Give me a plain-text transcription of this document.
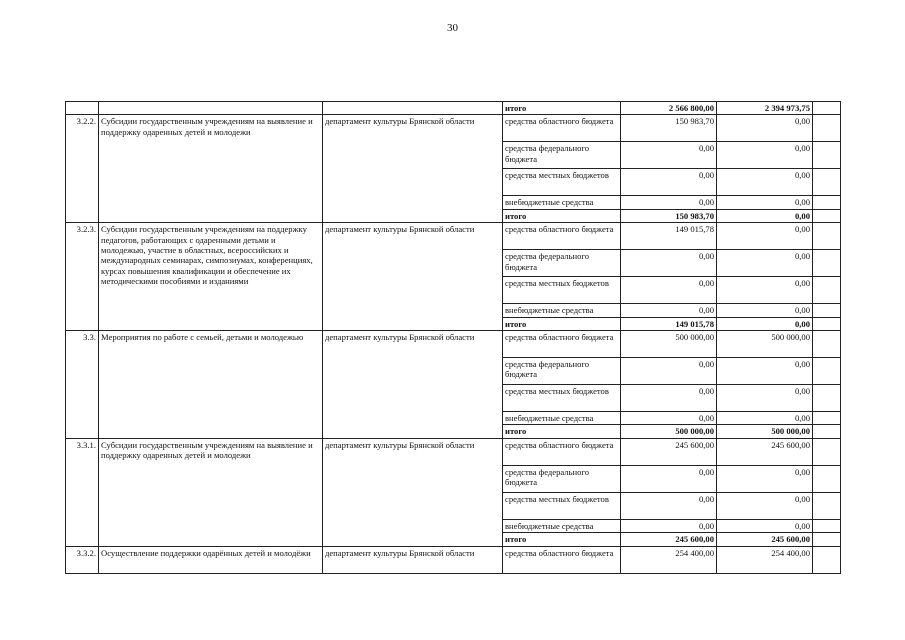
30
			итого	2 566 800,00	2 394 973,75	
3.2.2.	Субсидии государственным учреждениям на выявление и поддержку одаренных детей и молодежи	департамент культуры Брянской области	средства областного бюджета	150 983,70	0,00	
			средства федерального бюджета	0,00	0,00	
			средства местных бюджетов	0,00	0,00	
			внебюджетные средства	0,00	0,00	
			итого	150 983,70	0,00	
3.2.3.	Субсидии государственным учреждениям на поддержку педагогов, работающих с одаренными детьми и молодежью, участие в областных, всероссийских и международных семинарах, симпозиумах, конференциях, курсах повышения квалификации и обеспечение их методическими пособиями и изданиями	департамент культуры Брянской области	средства областного бюджета	149 015,78	0,00	
			средства федерального бюджета	0,00	0,00	
			средства местных бюджетов	0,00	0,00	
			внебюджетные средства	0,00	0,00	
			итого	149 015,78	0,00	
3.3.	Мероприятия по работе с семьей, детьми и молодежью	департамент культуры Брянской области	средства областного бюджета	500 000,00	500 000,00	
			средства федерального бюджета	0,00	0,00	
			средства местных бюджетов	0,00	0,00	
			внебюджетные средства	0,00	0,00	
			итого	500 000,00	500 000,00	
3.3.1.	Субсидии государственным учреждениям на выявление и поддержку одаренных детей и молодежи	департамент культуры Брянской области	средства областного бюджета	245 600,00	245 600,00	
			средства федерального бюджета	0,00	0,00	
			средства местных бюджетов	0,00	0,00	
			внебюджетные средства	0,00	0,00	
			итого	245 600,00	245 600,00	
3.3.2.	Осуществление поддержки одарённых детей и молодёжи	департамент культуры Брянской области	средства областного бюджета	254 400,00	254 400,00	
